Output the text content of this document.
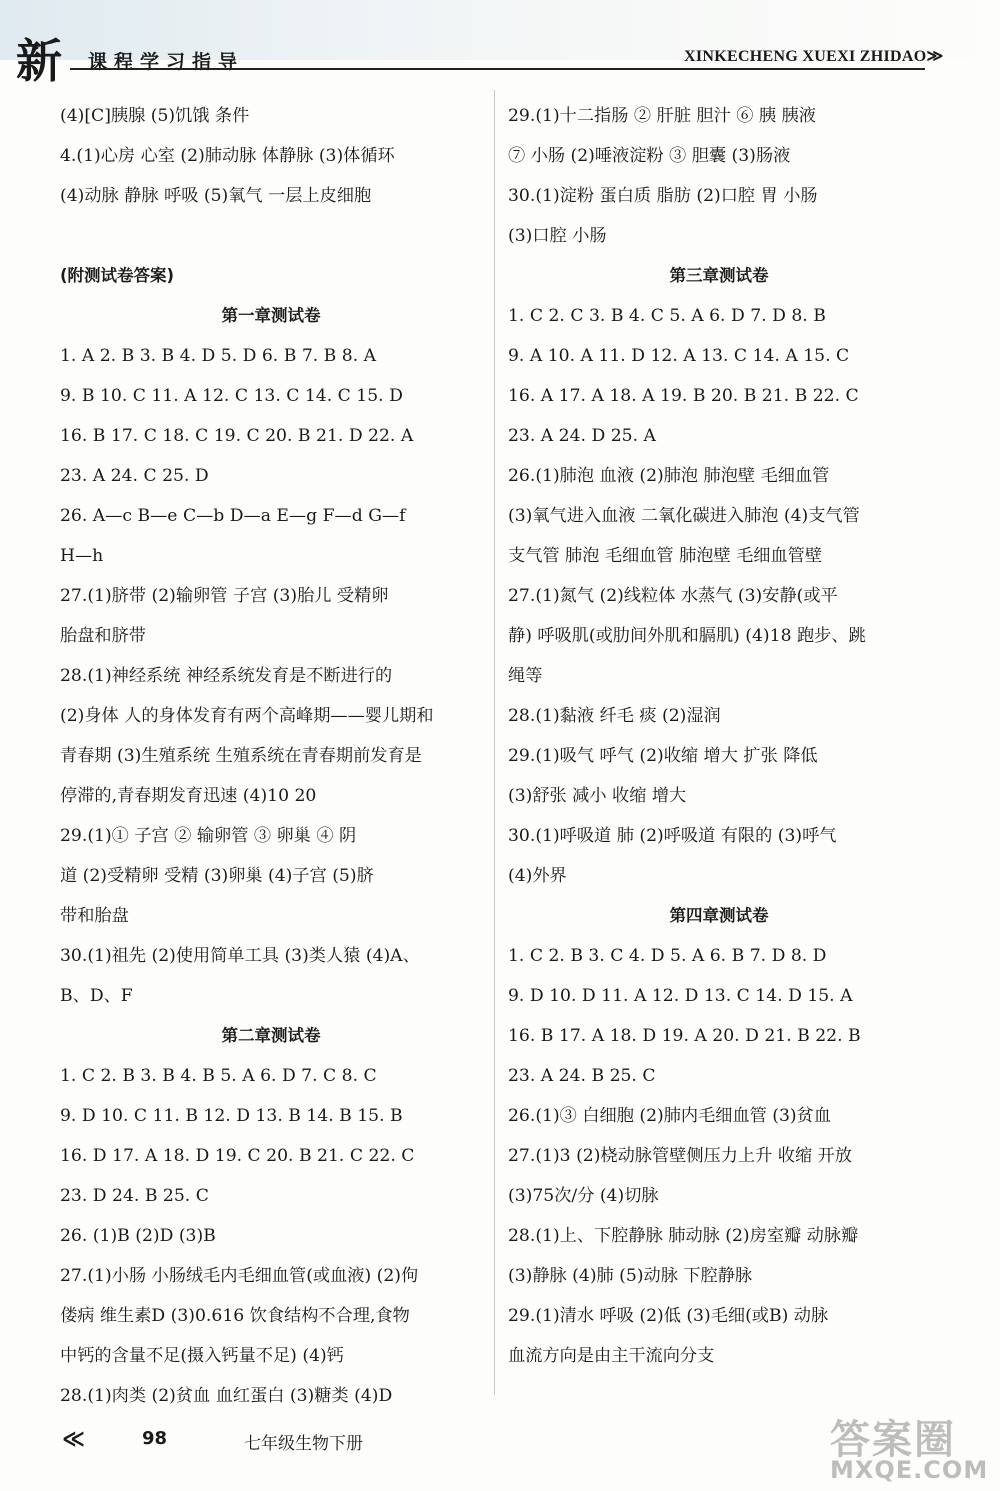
新 课程学习指导	XINKECHENG XUEXI ZHIDAO≫
(4)[C]胰腺 (5)饥饿 条件
4.(1)心房 心室 (2)肺动脉 体静脉 (3)体循环
(4)动脉 静脉 呼吸 (5)氧气 一层上皮细胞
(附测试卷答案)
第一章测试卷
1. A 2. B 3. B 4. D 5. D 6. B 7. B 8. A
9. B 10. C 11. A 12. C 13. C 14. C 15. D
16. B 17. C 18. C 19. C 20. B 21. D 22. A
23. A 24. C 25. D
26. A—c B—e C—b D—a E—g F—d G—f
H—h
27.(1)脐带 (2)输卵管 子宫 (3)胎儿 受精卵
胎盘和脐带
28.(1)神经系统 神经系统发育是不断进行的
(2)身体 人的身体发育有两个高峰期——婴儿期和
青春期 (3)生殖系统 生殖系统在青春期前发育是
停滞的,青春期发育迅速 (4)10 20
29.(1)① 子宫 ② 输卵管 ③ 卵巢 ④ 阴
道 (2)受精卵 受精 (3)卵巢 (4)子宫 (5)脐
带和胎盘
30.(1)祖先 (2)使用简单工具 (3)类人猿 (4)A、
B、D、F
第二章测试卷
1. C 2. B 3. B 4. B 5. A 6. D 7. C 8. C
9. D 10. C 11. B 12. D 13. B 14. B 15. B
16. D 17. A 18. D 19. C 20. B 21. C 22. C
23. D 24. B 25. C
26. (1)B (2)D (3)B
27.(1)小肠 小肠绒毛内毛细血管(或血液) (2)佝
偻病 维生素D (3)0.616 饮食结构不合理,食物
中钙的含量不足(摄入钙量不足) (4)钙
28.(1)肉类 (2)贫血 血红蛋白 (3)糖类 (4)D
29.(1)十二指肠 ② 肝脏 胆汁 ⑥ 胰 胰液
⑦ 小肠 (2)唾液淀粉 ③ 胆囊 (3)肠液
30.(1)淀粉 蛋白质 脂肪 (2)口腔 胃 小肠
(3)口腔 小肠
第三章测试卷
1. C 2. C 3. B 4. C 5. A 6. D 7. D 8. B
9. A 10. A 11. D 12. A 13. C 14. A 15. C
16. A 17. A 18. A 19. B 20. B 21. B 22. C
23. A 24. D 25. A
26.(1)肺泡 血液 (2)肺泡 肺泡壁 毛细血管
(3)氧气进入血液 二氧化碳进入肺泡 (4)支气管
支气管 肺泡 毛细血管 肺泡壁 毛细血管壁
27.(1)氮气 (2)线粒体 水蒸气 (3)安静(或平
静) 呼吸肌(或肋间外肌和膈肌) (4)18 跑步、跳
绳等
28.(1)黏液 纤毛 痰 (2)湿润
29.(1)吸气 呼气 (2)收缩 增大 扩张 降低
(3)舒张 减小 收缩 增大
30.(1)呼吸道 肺 (2)呼吸道 有限的 (3)呼气
(4)外界
第四章测试卷
1. C 2. B 3. C 4. D 5. A 6. B 7. D 8. D
9. D 10. D 11. A 12. D 13. C 14. D 15. A
16. B 17. A 18. D 19. A 20. D 21. B 22. B
23. A 24. B 25. C
26.(1)③ 白细胞 (2)肺内毛细血管 (3)贫血
27.(1)3 (2)桡动脉管壁侧压力上升 收缩 开放
(3)75次/分 (4)切脉
28.(1)上、下腔静脉 肺动脉 (2)房室瓣 动脉瓣
(3)静脉 (4)肺 (5)动脉 下腔静脉
29.(1)清水 呼吸 (2)低 (3)毛细(或B) 动脉
血流方向是由主干流向分支
≪	98	七年级生物下册	答案圈
MXQE.COM
